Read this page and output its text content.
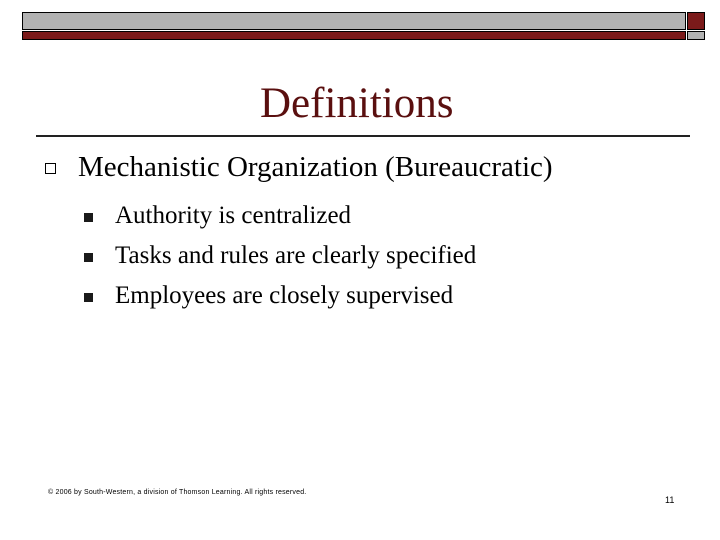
Definitions
Mechanistic Organization (Bureaucratic)
Authority is centralized
Tasks and rules are clearly specified
Employees are closely supervised
© 2006 by South-Western, a division of Thomson Learning. All rights reserved.
11
